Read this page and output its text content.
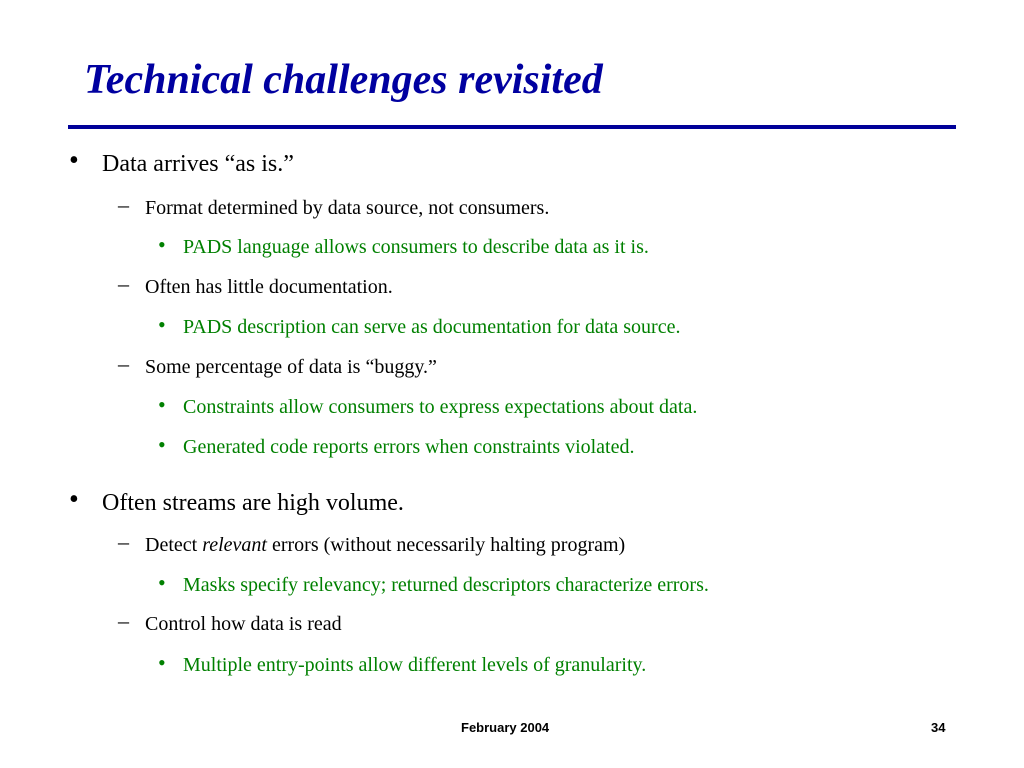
Technical challenges revisited
• Data arrives “as is.”
– Format determined by data source, not consumers.
• PADS language allows consumers to describe data as it is.
– Often has little documentation.
• PADS description can serve as documentation for data source.
– Some percentage of data is “buggy.”
• Constraints allow consumers to express expectations about data.
• Generated code reports errors when constraints violated.
• Often streams are high volume.
– Detect relevant errors (without necessarily halting program)
• Masks specify relevancy; returned descriptors characterize errors.
– Control how data is read
• Multiple entry-points allow different levels of granularity.
February 2004	34
